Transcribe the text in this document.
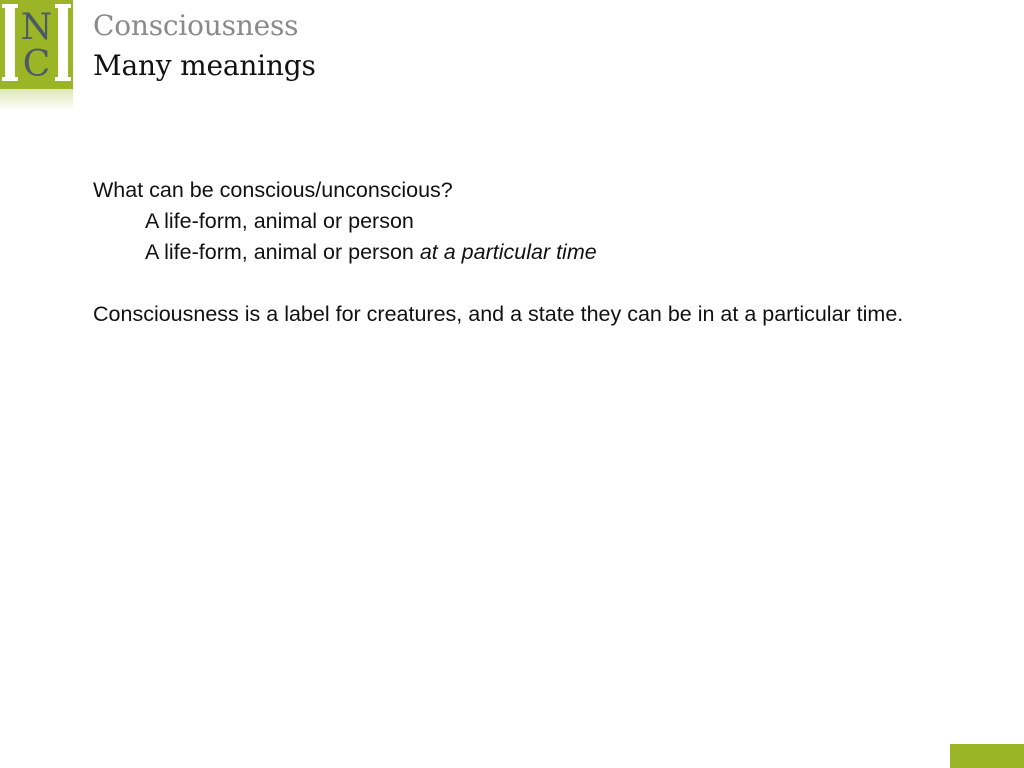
N
C
Consciousness
Many meanings

What can be conscious/unconscious?

A life-form, animal or person

A life-form, animal or person at a particular time

Consciousness is a label for creatures, and a state they can be in at a particular time.
